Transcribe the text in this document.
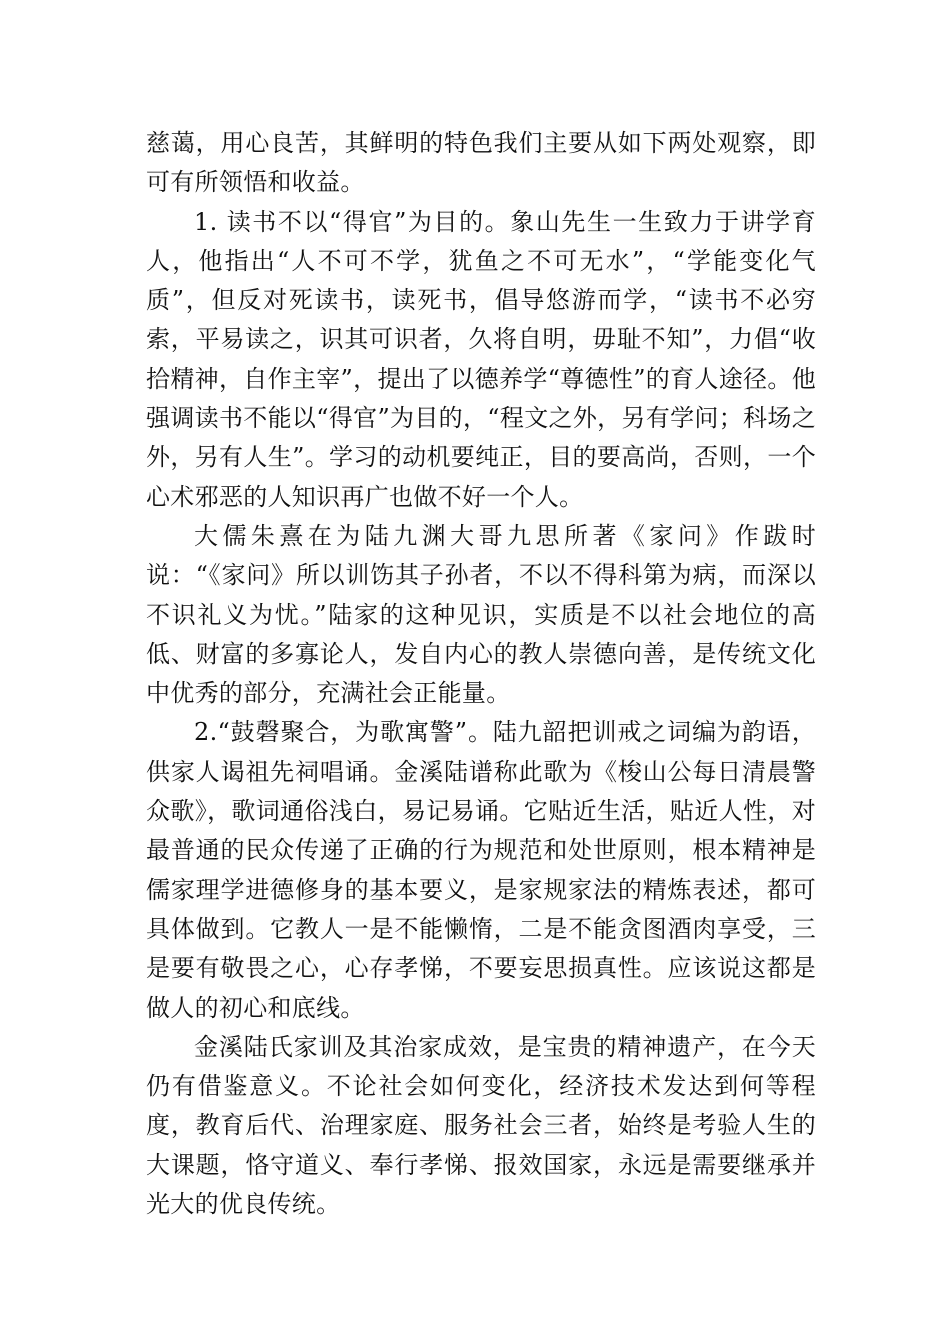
慈蔼，用心良苦，其鲜明的特色我们主要从如下两处观察，即可有所领悟和收益。

1. 读书不以“得官”为目的。象山先生一生致力于讲学育人，他指出“人不可不学，犹鱼之不可无水”，“学能变化气质”，但反对死读书，读死书，倡导悠游而学，“读书不必穷索，平易读之，识其可识者，久将自明，毋耻不知”，力倡“收拾精神，自作主宰”，提出了以德养学“尊德性”的育人途径。他强调读书不能以“得官”为目的，“程文之外，另有学问；科场之外，另有人生”。学习的动机要纯正，目的要高尚，否则，一个心术邪恶的人知识再广也做不好一个人。

大儒朱熹在为陆九渊大哥九思所著《家问》作跋时说：“《家问》所以训饬其子孙者，不以不得科第为病，而深以不识礼义为忧。”陆家的这种见识，实质是不以社会地位的高低、财富的多寡论人，发自内心的教人崇德向善，是传统文化中优秀的部分，充满社会正能量。

2.“鼓磬聚合，为歌寓警”。陆九韶把训戒之词编为韵语，供家人谒祖先祠唱诵。金溪陆谱称此歌为《梭山公每日清晨警众歌》，歌词通俗浅白，易记易诵。它贴近生活，贴近人性，对最普通的民众传递了正确的行为规范和处世原则，根本精神是儒家理学进德修身的基本要义，是家规家法的精炼表述，都可具体做到。它教人一是不能懒惰，二是不能贪图酒肉享受，三是要有敬畏之心，心存孝悌，不要妄思损真性。应该说这都是做人的初心和底线。

金溪陆氏家训及其治家成效，是宝贵的精神遗产，在今天仍有借鉴意义。不论社会如何变化，经济技术发达到何等程度，教育后代、治理家庭、服务社会三者，始终是考验人生的大课题，恪守道义、奉行孝悌、报效国家，永远是需要继承并光大的优良传统。
